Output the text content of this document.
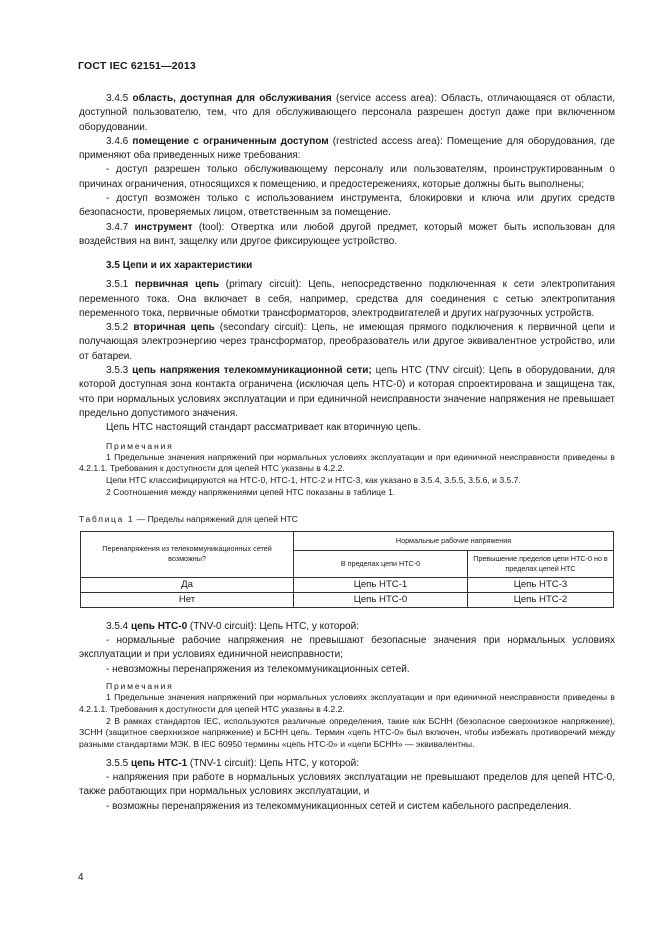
ГОСТ IEC 62151—2013

3.4.5 область, доступная для обслуживания (service access area): Область, отличающаяся от области, доступной пользователю, тем, что для обслуживающего персонала разрешен доступ даже при включенном оборудовании.

3.4.6 помещение с ограниченным доступом (restricted access area): Помещение для оборудования, где применяют оба приведенных ниже требования:

- доступ разрешен только обслуживающему персоналу или пользователям, проинструктированным о причинах ограничения, относящихся к помещению, и предостережениях, которые должны быть выполнены;

- доступ возможен только с использованием инструмента, блокировки и ключа или других средств безопасности, проверяемых лицом, ответственным за помещение.

3.4.7 инструмент (tool): Отвертка или любой другой предмет, который может быть использован для воздействия на винт, защелку или другое фиксирующее устройство.

3.5 Цепи и их характеристики

3.5.1 первичная цепь (primary circuit): Цепь, непосредственно подключенная к сети электропитания переменного тока. Она включает в себя, например, средства для соединения с сетью электропитания переменного тока, первичные обмотки трансформаторов, электродвигателей и других нагрузочных устройств.

3.5.2 вторичная цепь (secondary circuit): Цепь, не имеющая прямого подключения к первичной цепи и получающая электроэнергию через трансформатор, преобразователь или другое эквивалентное устройство, или от батареи.

3.5.3 цепь напряжения телекоммуникационной сети; цепь НТС (TNV circuit): Цепь в оборудовании, для которой доступная зона контакта ограничена (исключая цепь НТС-0) и которая спроектирована и защищена так, что при нормальных условиях эксплуатации и при единичной неисправности значение напряжения не превышает предельно допустимого значения.

Цепь НТС настоящий стандарт рассматривает как вторичную цепь.

Примечания

1 Предельные значения напряжений при нормальных условиях эксплуатации и при единичной неисправности приведены в 4.2.1.1. Требования к доступности для цепей НТС указаны в 4.2.2.

Цепи НТС классифицируются на НТС-0, НТС-1, НТС-2 и НТС-3, как указано в 3.5.4, 3.5.5, 3.5.6, и 3.5.7.

2 Соотношения между напряжениями цепей НТС показаны в таблице 1.

Таблица 1 — Пределы напряжений для цепей НТС

Перенапряжения из телекоммуникационных сетей возможны?	Нормальные рабочие напряжения	
	В пределах цепи НТС-0	Превышение пределов цепи НТС-0 но в пределах цепей НТС
Да	Цепь НТС-1	Цепь НТС-3
Нет	Цепь НТС-0	Цепь НТС-2

3.5.4 цепь НТС-0 (TNV-0 circuit): Цепь НТС, у которой:

- нормальные рабочие напряжения не превышают безопасные значения при нормальных условиях эксплуатации и при условиях единичной неисправности;

- невозможны перенапряжения из телекоммуникационных сетей.

Примечания

1 Предельные значения напряжений при нормальных условиях эксплуатации и при единичной неисправности приведены в 4.2.1.1. Требования к доступности для цепей НТС указаны в 4.2.2.

2 В рамках стандартов IEC, используются различные определения, такие как БСНН (безопасное сверхнизкое напряжение), ЗСНН (защитное сверхнизкое напряжение) и БСНН цепь. Термин «цепь НТС-0» был включен, чтобы избежать противоречий между разными стандартами МЭК. В IEC 60950 термины «цепь НТС-0» и «цепи БСНН» — эквивалентны.

3.5.5 цепь НТС-1 (TNV-1 circuit): Цепь НТС, у которой:

- напряжения при работе в нормальных условиях эксплуатации не превышают пределов для цепей НТС-0, также работающих при нормальных условиях эксплуатации, и

- возможны перенапряжения из телекоммуникационных сетей и систем кабельного распределения.

4
